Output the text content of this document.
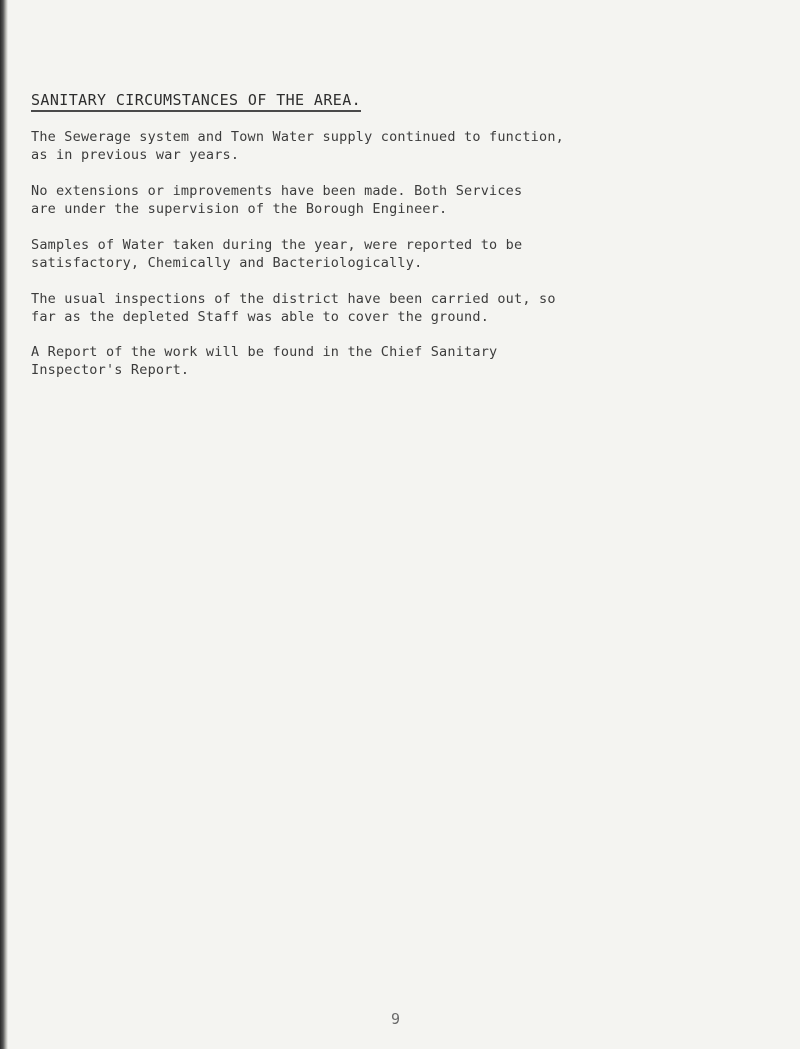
SANITARY CIRCUMSTANCES OF THE AREA.
The Sewerage system and Town Water supply continued to function,
as in previous war years.
No extensions or improvements have been made. Both Services
are under the supervision of the Borough Engineer.
Samples of Water taken during the year, were reported to be
satisfactory, Chemically and Bacteriologically.
The usual inspections of the district have been carried out, so
far as the depleted Staff was able to cover the ground.
A Report of the work will be found in the Chief Sanitary
Inspector's Report.
9
